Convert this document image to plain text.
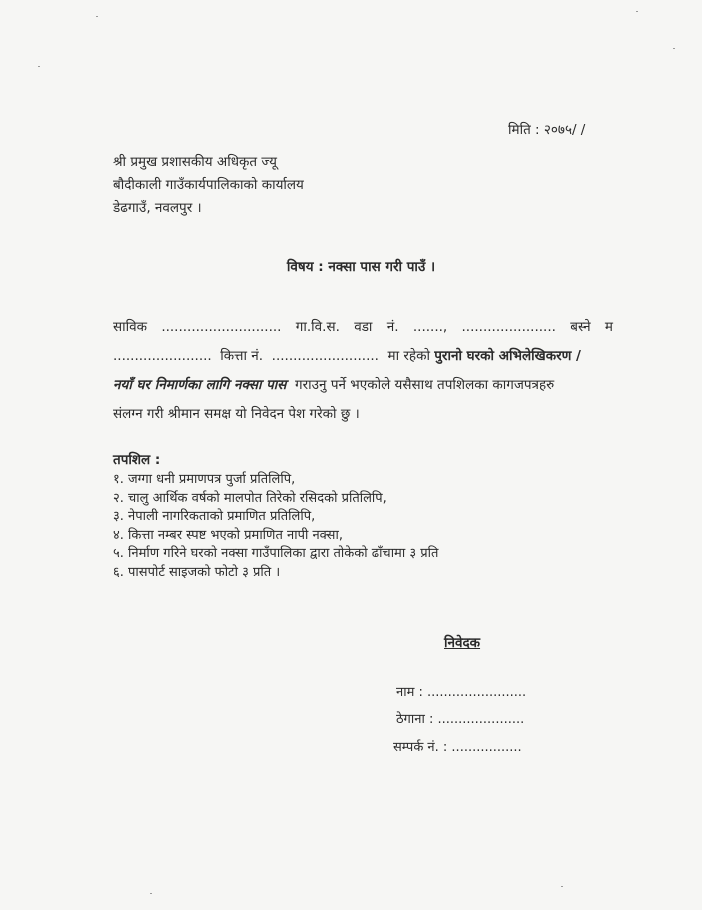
मिति : २०७५/ /
श्री प्रमुख प्रशासकीय अधिकृत ज्यू
बौदीकाली गाउँकार्यपालिकाको कार्यालय
डेढगाउँ, नवलपुर ।
विषय : नक्सा पास गरी पाउँ ।
साविक ............................ गा.वि.स. वडा नं. ......., ...................... बस्ने म
....................... कित्ता नं. ......................... मा रहेको पुरानो घरको अभिलेखिकरण /
नयाँ घर निमार्णका लागि नक्सा पास गराउनु पर्ने भएकोले यसैसाथ तपशिलका कागजपत्रहरु
संलग्न गरी श्रीमान समक्ष यो निवेदन पेश गरेको छु ।
तपशिल :
१. जग्गा धनी प्रमाणपत्र पुर्जा प्रतिलिपि,
२. चालु आर्थिक वर्षको मालपोत तिरेको रसिदको प्रतिलिपि,
३. नेपाली नागरिकताको प्रमाणित प्रतिलिपि,
४. कित्ता नम्बर स्पष्ट भएको प्रमाणित नापी नक्सा,
५. निर्माण गरिने घरको नक्सा गाउँपालिका द्वारा तोकेको ढाँचामा ३ प्रति
६. पासपोर्ट साइजको फोटो ३ प्रति ।
निवेदक
नाम : ........................
ठेगाना : .....................
सम्पर्क नं. : .................
